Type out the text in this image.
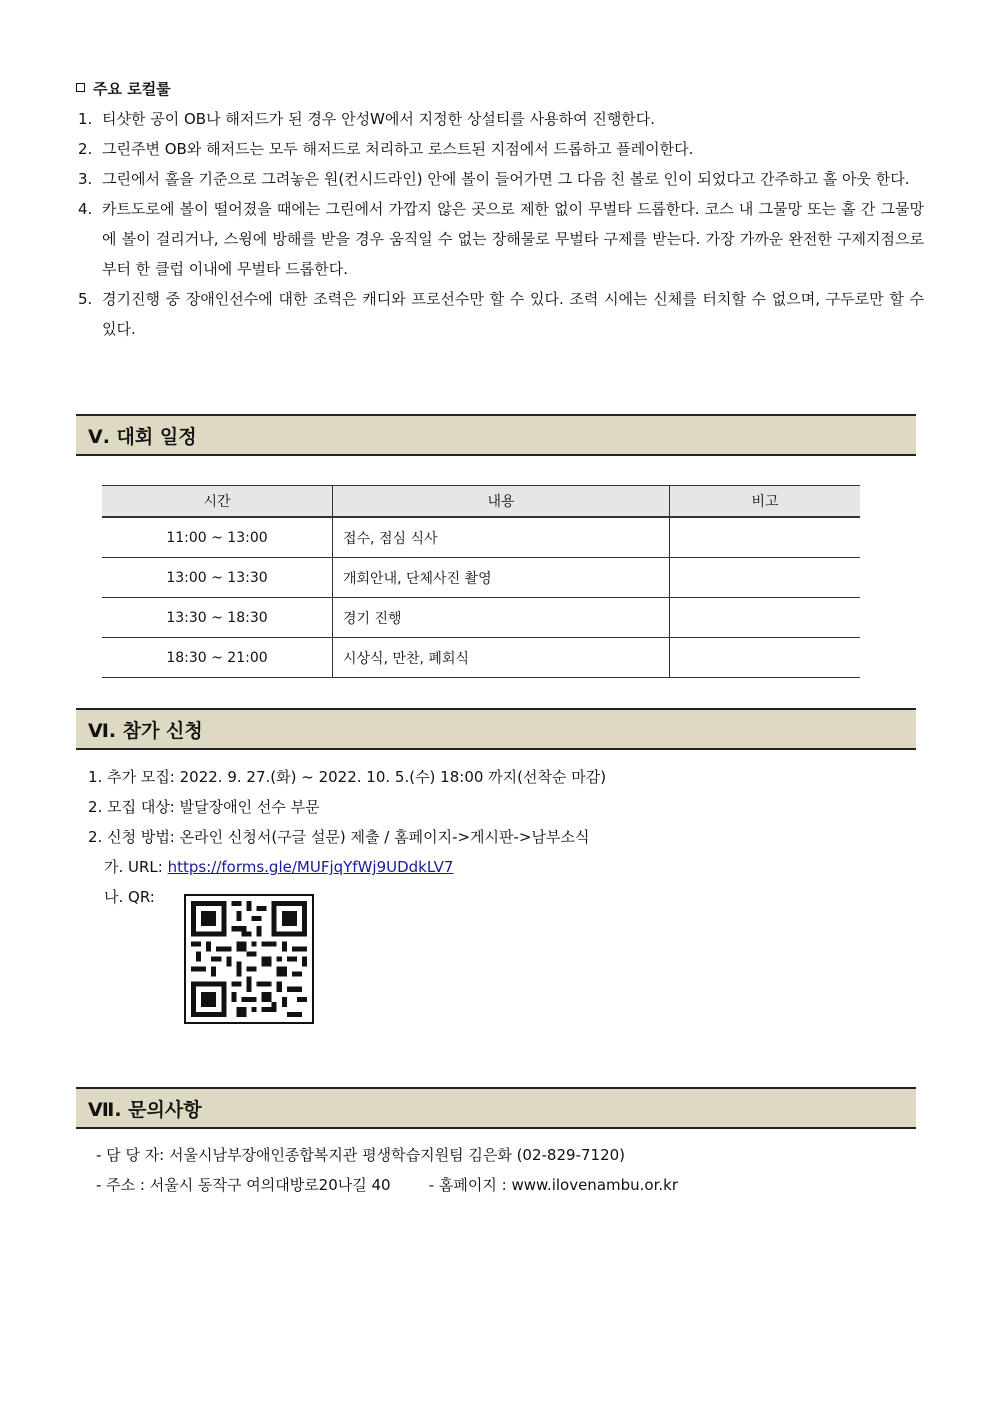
주요 로컬룰

1. 티샷한 공이 OB나 해저드가 된 경우 안성W에서 지정한 상설티를 사용하여 진행한다.

2. 그린주변 OB와 해저드는 모두 해저드로 처리하고 로스트된 지점에서 드롭하고 플레이한다.

3. 그린에서 홀을 기준으로 그려놓은 원(컨시드라인) 안에 볼이 들어가면 그 다음 친 볼로 인이 되었다고 간주하고 홀 아웃 한다.

4. 카트도로에 볼이 떨어졌을 때에는 그린에서 가깝지 않은 곳으로 제한 없이 무벌타 드롭한다. 코스 내 그물망 또는 홀 간 그물망에 볼이 걸리거나, 스윙에 방해를 받을 경우 움직일 수 없는 장해물로 무벌타 구제를 받는다. 가장 가까운 완전한 구제지점으로부터 한 클럽 이내에 무벌타 드롭한다.

5. 경기진행 중 장애인선수에 대한 조력은 캐디와 프로선수만 할 수 있다. 조력 시에는 신체를 터치할 수 없으며, 구두로만 할 수 있다.

Ⅴ. 대회 일정
시간	내용	비고
11:00 ~ 13:00	접수, 점심 식사	
13:00 ~ 13:30	개회안내, 단체사진 촬영	
13:30 ~ 18:30	경기 진행	
18:30 ~ 21:00	시상식, 만찬, 폐회식	
Ⅵ. 참가 신청
1. 추가 모집: 2022. 9. 27.(화) ~ 2022. 10. 5.(수) 18:00 까지(선착순 마감)
2. 모집 대상: 발달장애인 선수 부문
2. 신청 방법: 온라인 신청서(구글 설문) 제출 / 홈페이지->게시판->남부소식
가. URL: https://forms.gle/MUFjqYfWj9UDdkLV7
나. QR:
Ⅶ. 문의사항
- 담 당 자: 서울시남부장애인종합복지관 평생학습지원팀 김은화 (02-829-7120)
- 주소 : 서울시 동작구 여의대방로20나길 40	- 홈페이지 : www.ilovenambu.or.kr
